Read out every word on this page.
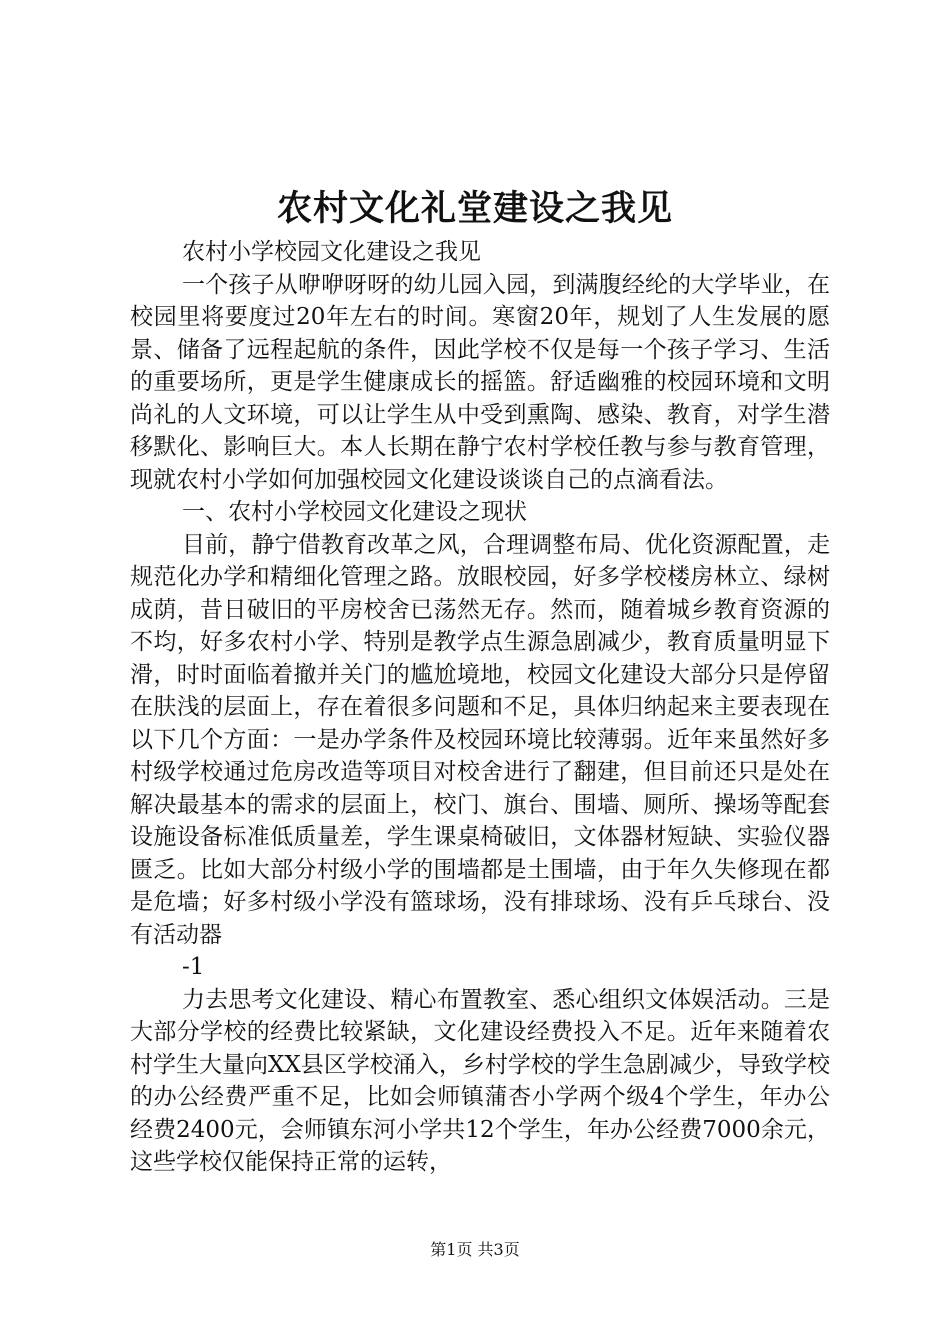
农村文化礼堂建设之我见

农村小学校园文化建设之我见

一个孩子从咿咿呀呀的幼儿园入园，到满腹经纶的大学毕业，在校园里将要度过20年左右的时间。寒窗20年，规划了人生发展的愿景、储备了远程起航的条件，因此学校不仅是每一个孩子学习、生活的重要场所，更是学生健康成长的摇篮。舒适幽雅的校园环境和文明尚礼的人文环境，可以让学生从中受到熏陶、感染、教育，对学生潜移默化、影响巨大。本人长期在静宁农村学校任教与参与教育管理，现就农村小学如何加强校园文化建设谈谈自己的点滴看法。

一、农村小学校园文化建设之现状

目前，静宁借教育改革之风，合理调整布局、优化资源配置，走规范化办学和精细化管理之路。放眼校园，好多学校楼房林立、绿树成荫，昔日破旧的平房校舍已荡然无存。然而，随着城乡教育资源的不均，好多农村小学、特别是教学点生源急剧减少，教育质量明显下滑，时时面临着撤并关门的尴尬境地，校园文化建设大部分只是停留在肤浅的层面上，存在着很多问题和不足，具体归纳起来主要表现在以下几个方面：一是办学条件及校园环境比较薄弱。近年来虽然好多村级学校通过危房改造等项目对校舍进行了翻建，但目前还只是处在解决最基本的需求的层面上，校门、旗台、围墙、厕所、操场等配套设施设备标准低质量差，学生课桌椅破旧，文体器材短缺、实验仪器匮乏。比如大部分村级小学的围墙都是土围墙，由于年久失修现在都是危墙；好多村级小学没有篮球场，没有排球场、没有乒乓球台、没有活动器

-1

力去思考文化建设、精心布置教室、悉心组织文体娱活动。三是大部分学校的经费比较紧缺，文化建设经费投入不足。近年来随着农村学生大量向XX县区学校涌入，乡村学校的学生急剧减少，导致学校的办公经费严重不足，比如会师镇蒲杏小学两个级4个学生，年办公经费2400元，会师镇东河小学共12个学生，年办公经费7000余元，这些学校仅能保持正常的运转，

第1页 共3页
